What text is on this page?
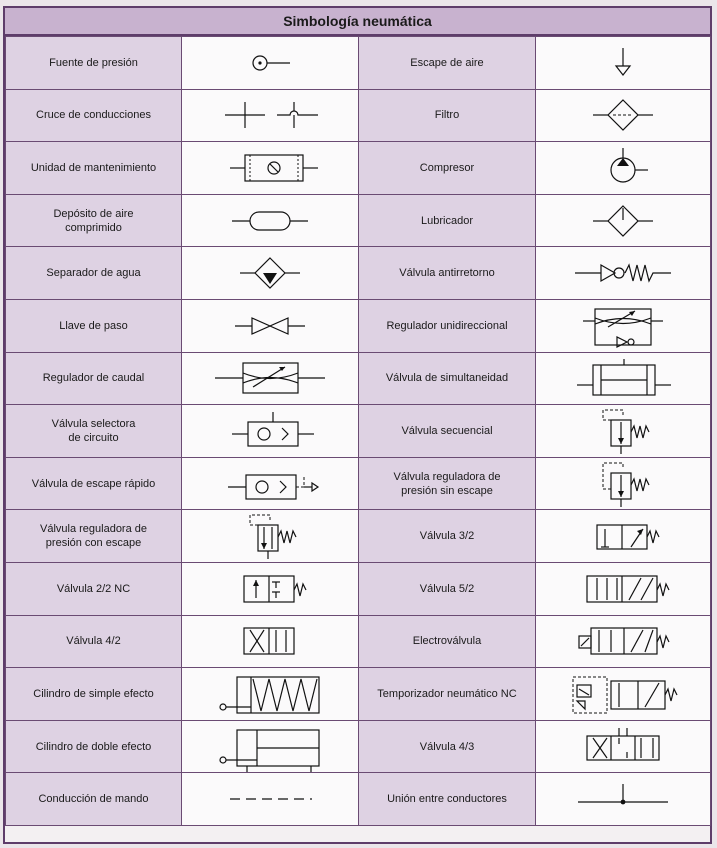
Simbología neumática
Fuente de presión		Escape de aire	

Cruce de conducciones		Filtro	

Unidad de mantenimiento		Compresor	

Depósito de aire
comprimido		Lubricador	

Separador de agua		Válvula antirretorno	

Llave de paso		Regulador unidireccional	

Regulador de caudal		Válvula de simultaneidad	

Válvula selectora
de circuito		Válvula secuencial	

Válvula de escape rápido		Válvula reguladora de
presión sin escape	

Válvula reguladora de
presión con escape		Válvula 3/2	

Válvula 2/2 NC		Válvula 5/2	

Válvula 4/2		Electroválvula	

Cilindro de simple efecto		Temporizador neumático NC	

Cilindro de doble efecto		Válvula 4/3	

Conducción de mando		Unión entre conductores	
